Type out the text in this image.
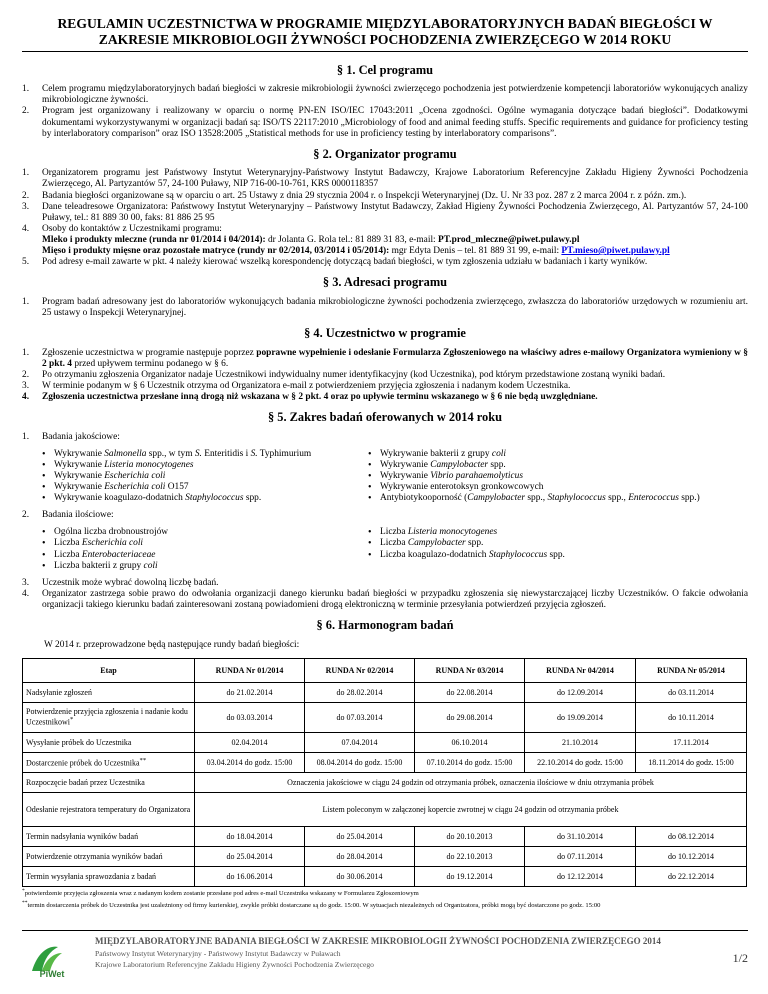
REGULAMIN UCZESTNICTWA W PROGRAMIE MIĘDZYLABORATORYJNYCH BADAŃ BIEGŁOŚCI W ZAKRESIE MIKROBIOLOGII ŻYWNOŚCI POCHODZENIA ZWIERZĘCEGO W 2014 ROKU
§ 1. Cel programu
1. Celem programu międzylaboratoryjnych badań biegłości w zakresie mikrobiologii żywności zwierzęcego pochodzenia jest potwierdzenie kompetencji laboratoriów wykonujących analizy mikrobiologiczne żywności.
2. Program jest organizowany i realizowany w oparciu o normę PN-EN ISO/IEC 17043:2011 „Ocena zgodności. Ogólne wymagania dotyczące badań biegłości”. Dodatkowymi dokumentami wykorzystywanymi w organizacji badań są: ISO/TS 22117:2010 „Microbiology of food and animal feeding stuffs. Specific requirements and guidance for proficiency testing by interlaboratory comparison” oraz ISO 13528:2005 „Statistical methods for use in proficiency testing by interlaboratory comparisons”.
§ 2. Organizator programu
1. Organizatorem programu jest Państwowy Instytut Weterynaryjny-Państwowy Instytut Badawczy, Krajowe Laboratorium Referencyjne Zakładu Higieny Żywności Pochodzenia Zwierzęcego, Al. Partyzantów 57, 24-100 Puławy, NIP 716-00-10-761, KRS 0000118357
2. Badania biegłości organizowane są w oparciu o art. 25 Ustawy z dnia 29 stycznia 2004 r. o Inspekcji Weterynaryjnej (Dz. U. Nr 33 poz. 287 z 2 marca 2004 r. z późn. zm.).
3. Dane teleadresowe Organizatora: Państwowy Instytut Weterynaryjny – Państwowy Instytut Badawczy, Zakład Higieny Żywności Pochodzenia Zwierzęcego, Al. Partyzantów 57, 24-100 Puławy, tel.: 81 889 30 00, faks: 81 886 25 95
4. Osoby do kontaktów z Uczestnikami programu:
Mleko i produkty mleczne (runda nr 01/2014 i 04/2014): dr Jolanta G. Rola tel.: 81 889 31 83, e-mail: PT.prod_mleczne@piwet.pulawy.pl
Mięso i produkty mięsne oraz pozostałe matryce (rundy nr 02/2014, 03/2014 i 05/2014): mgr Edyta Denis – tel. 81 889 31 99, e-mail: PT.mieso@piwet.pulawy.pl
5. Pod adresy e-mail zawarte w pkt. 4 należy kierować wszelką korespondencję dotyczącą badań biegłości, w tym zgłoszenia udziału w badaniach i karty wyników.
§ 3. Adresaci programu
1. Program badań adresowany jest do laboratoriów wykonujących badania mikrobiologiczne żywności pochodzenia zwierzęcego, zwłaszcza do laboratoriów urzędowych w rozumieniu art. 25 ustawy o Inspekcji Weterynaryjnej.
§ 4. Uczestnictwo w programie
1. Zgłoszenie uczestnictwa w programie następuje poprzez poprawne wypełnienie i odesłanie Formularza Zgłoszeniowego na właściwy adres e-mailowy Organizatora wymieniony w § 2 pkt. 4 przed upływem terminu podanego w § 6.
2. Po otrzymaniu zgłoszenia Organizator nadaje Uczestnikowi indywidualny numer identyfikacyjny (kod Uczestnika), pod którym przedstawione zostaną wyniki badań.
3. W terminie podanym w § 6 Uczestnik otrzyma od Organizatora e-mail z potwierdzeniem przyjęcia zgłoszenia i nadanym kodem Uczestnika.
4. Zgłoszenia uczestnictwa przesłane inną drogą niż wskazana w § 2 pkt. 4 oraz po upływie terminu wskazanego w § 6 nie będą uwzględniane.
§ 5. Zakres badań oferowanych w 2014 roku
1. Badania jakościowe:
• Wykrywanie Salmonella spp., w tym S. Enteritidis i S. Typhimurium
• Wykrywanie Listeria monocytogenes
• Wykrywanie Escherichia coli
• Wykrywanie Escherichia coli O157
• Wykrywanie koagulazo-dodatnich Staphylococcus spp.
• Wykrywanie bakterii z grupy coli
• Wykrywanie Campylobacter spp.
• Wykrywanie Vibrio parahaemolyticus
• Wykrywanie enterotoksyn gronkowcowych
• Antybiotykooporność (Campylobacter spp., Staphylococcus spp., Enterococcus spp.)
2. Badania ilościowe:
• Ogólna liczba drobnoustrojów
• Liczba Escherichia coli
• Liczba Enterobacteriaceae
• Liczba bakterii z grupy coli
• Liczba Listeria monocytogenes
• Liczba Campylobacter spp.
• Liczba koagulazo-dodatnich Staphylococcus spp.
3. Uczestnik może wybrać dowolną liczbę badań.
4. Organizator zastrzega sobie prawo do odwołania organizacji danego kierunku badań biegłości w przypadku zgłoszenia się niewystarczającej liczby Uczestników. O fakcie odwołania organizacji takiego kierunku badań zainteresowani zostaną powiadomieni drogą elektroniczną w terminie przesyłania potwierdzeń przyjęcia zgłoszeń.
§ 6. Harmonogram badań
W 2014 r. przeprowadzone będą następujące rundy badań biegłości:
Etap	RUNDA Nr 01/2014	RUNDA Nr 02/2014	RUNDA Nr 03/2014	RUNDA Nr 04/2014	RUNDA Nr 05/2014
Nadsyłanie zgłoszeń	do 21.02.2014	do 28.02.2014	do 22.08.2014	do 12.09.2014	do 03.11.2014
Potwierdzenie przyjęcia zgłoszenia i nadanie kodu Uczestnikowi*	do 03.03.2014	do 07.03.2014	do 29.08.2014	do 19.09.2014	do 10.11.2014
Wysyłanie próbek do Uczestnika	02.04.2014	07.04.2014	06.10.2014	21.10.2014	17.11.2014
Dostarczenie próbek do Uczestnika**	03.04.2014 do godz. 15:00	08.04.2014 do godz. 15:00	07.10.2014 do godz. 15:00	22.10.2014 do godz. 15:00	18.11.2014 do godz. 15:00
Rozpoczęcie badań przez Uczestnika	Oznaczenia jakościowe w ciągu 24 godzin od otrzymania próbek, oznaczenia ilościowe w dniu otrzymania próbek				
Odesłanie rejestratora temperatury do Organizatora	Listem poleconym w załączonej kopercie zwrotnej w ciągu 24 godzin od otrzymania próbek				
Termin nadsyłania wyników badań	do 18.04.2014	do 25.04.2014	do 20.10.2013	do 31.10.2014	do 08.12.2014
Potwierdzenie otrzymania wyników badań	do 25.04.2014	do 28.04.2014	do 22.10.2013	do 07.11.2014	do 10.12.2014
Termin wysyłania sprawozdania z badań	do 16.06.2014	do 30.06.2014	do 19.12.2014	do 12.12.2014	do 22.12.2014
*potwierdzenie przyjęcia zgłoszenia wraz z nadanym kodem zostanie przesłane pod adres e-mail Uczestnika wskazany w Formularzu Zgłoszeniowym
**termin dostarczenia próbek do Uczestnika jest uzależniony od firmy kurierskiej, zwykle próbki dostarczane są do godz. 15:00. W sytuacjach niezależnych od Organizatora, próbki mogą być dostarczone po godz. 15:00
PiWet
MIĘDZYLABORATORYJNE BADANIA BIEGŁOŚCI W ZAKRESIE MIKROBIOLOGII ŻYWNOŚCI POCHODZENIA ZWIERZĘCEGO 2014
Państwowy Instytut Weterynaryjny - Państwowy Instytut Badawczy w Puławach
Krajowe Laboratorium Referencyjne Zakładu Higieny Żywności Pochodzenia Zwierzęcego	1/2
